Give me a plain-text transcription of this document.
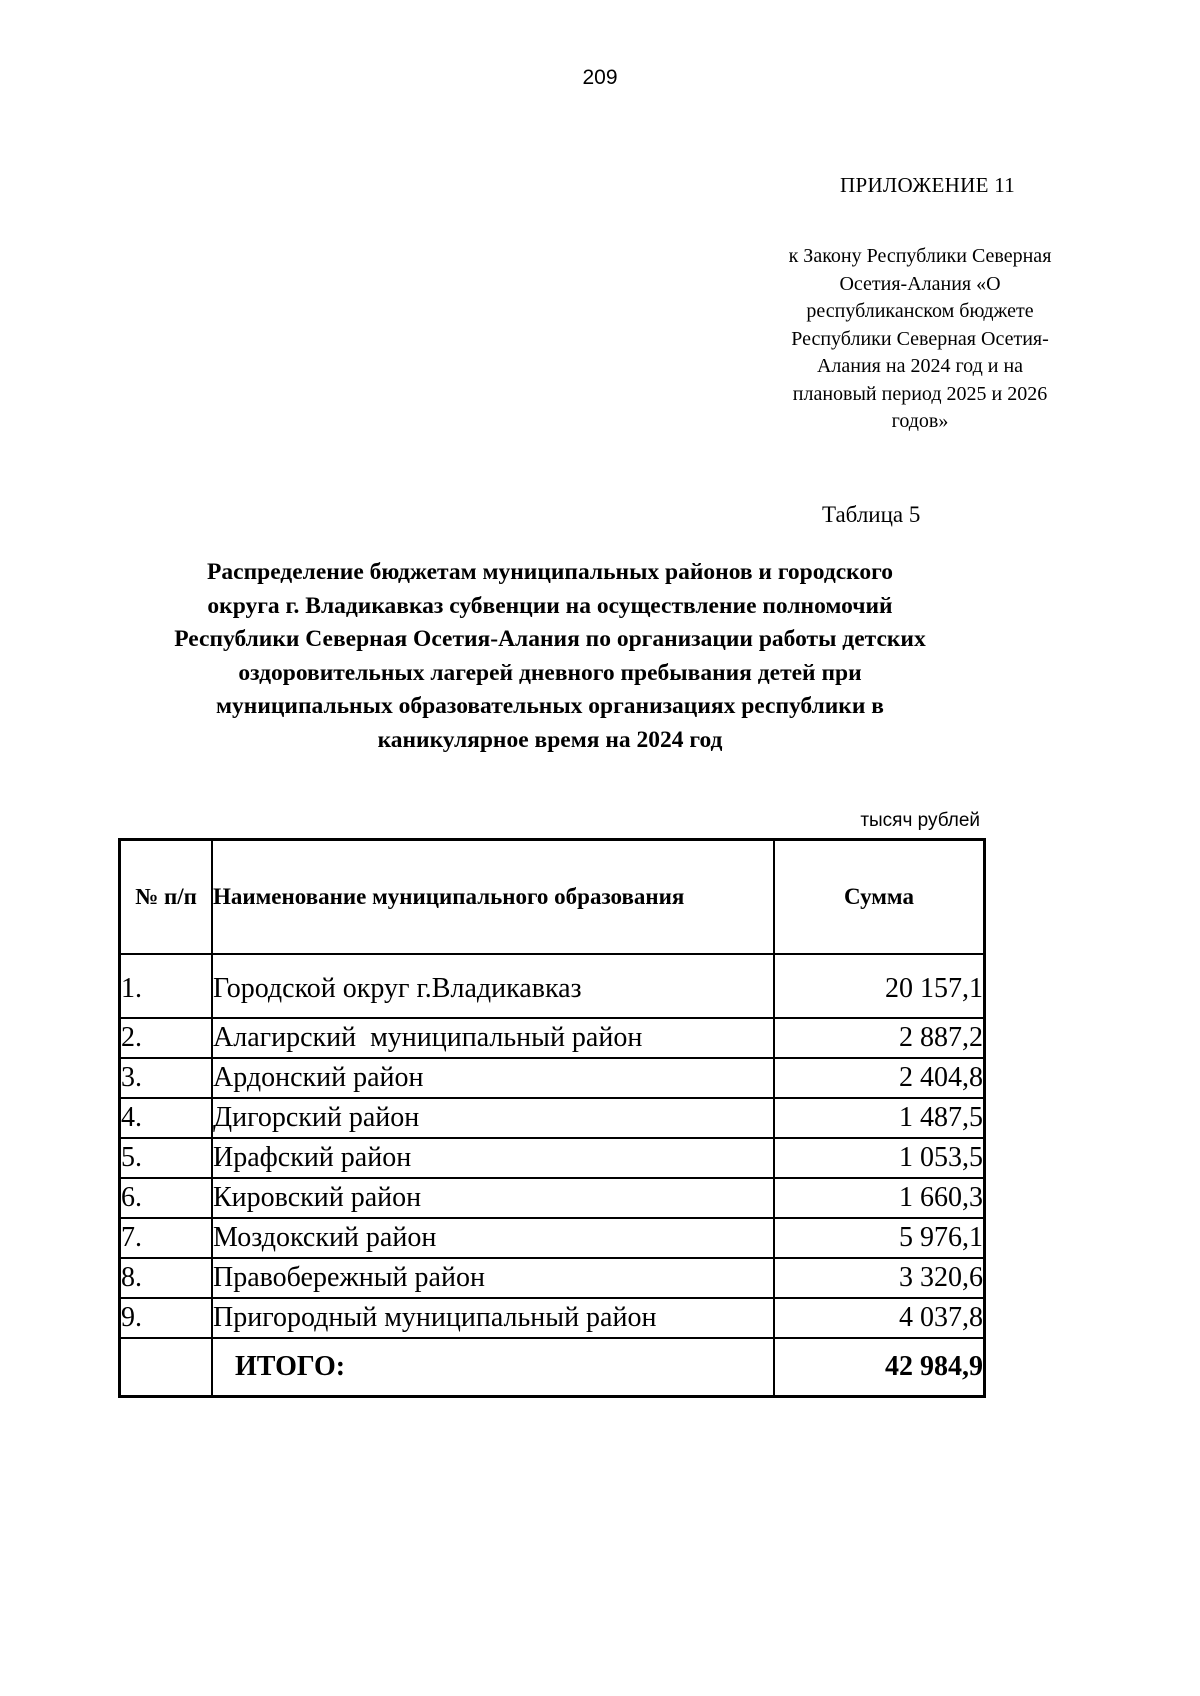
209
ПРИЛОЖЕНИЕ 11
к Закону Республики Северная
Осетия-Алания «О
республиканском бюджете
Республики Северная Осетия-
Алания на 2024 год и на
плановый период 2025 и 2026
годов»
Таблица 5
Распределение бюджетам муниципальных районов и городского
округа г. Владикавказ субвенции на осуществление полномочий
Республики Северная Осетия-Алания по организации работы детских
оздоровительных лагерей дневного пребывания детей при
муниципальных образовательных организациях республики в
каникулярное время на 2024 год
тысяч рублей
№ п/п	Наименование муниципального образования	Сумма
1.	Городской округ г.Владикавказ	20 157,1
2.	Алагирский  муниципальный район	2 887,2
3.	Ардонский район	2 404,8
4.	Дигорский район	1 487,5
5.	Ирафский район	1 053,5
6.	Кировский район	1 660,3
7.	Моздокский район	5 976,1
8.	Правобережный район	3 320,6
9.	Пригородный муниципальный район	4 037,8
	ИТОГО:	42 984,9
